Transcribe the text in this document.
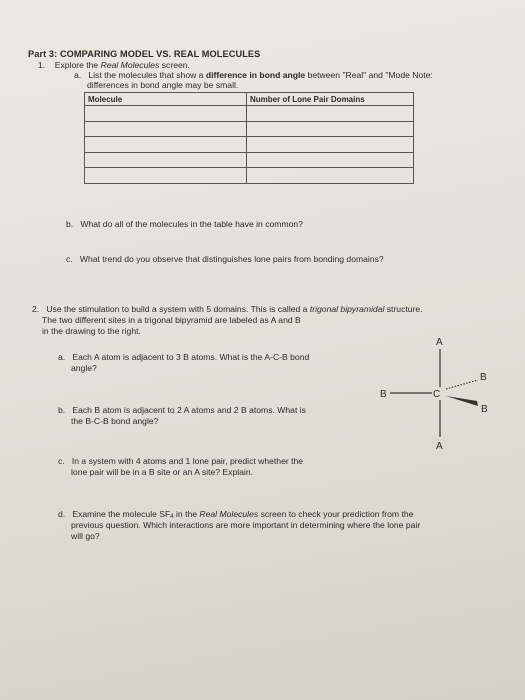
Part 3: COMPARING MODEL VS. REAL MOLECULES
1. Explore the Real Molecules screen.
a. List the molecules that show a difference in bond angle between "Real" and "Mode Note:
differences in bond angle may be small.
Molecule	Number of Lone Pair Domains

b. What do all of the molecules in the table have in common?
c. What trend do you observe that distinguishes lone pairs from bonding domains?
2. Use the stimulation to build a system with 5 domains. This is called a trigonal bipyramidal structure.
The two different sites in a trigonal bipyramid are labeled as A and B
in the drawing to the right.
a. Each A atom is adjacent to 3 B atoms. What is the A-C-B bond
angle?
b. Each B atom is adjacent to 2 A atoms and 2 B atoms. What is
the B-C-B bond angle?
c. In a system with 4 atoms and 1 lone pair, predict whether the
lone pair will be in a B site or an A site? Explain.
d. Examine the molecule SF4 in the Real Molecules screen to check your prediction from the
previous question. Which interactions are more important in determining where the lone pair
will go?
A
B	C
B
B
A
